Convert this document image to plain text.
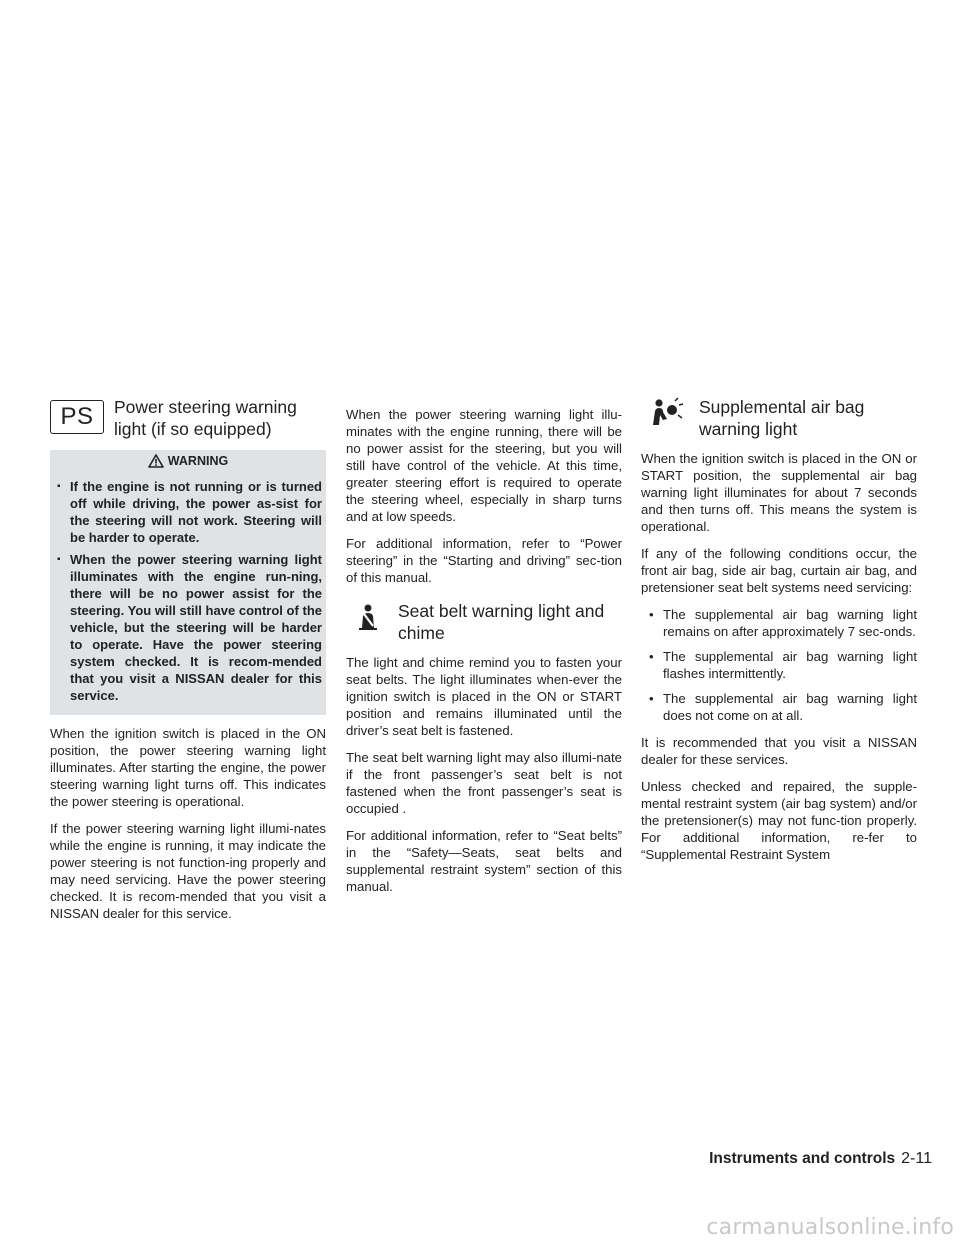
PS	Power steering warning light (if so equipped)
WARNING
▪ If the engine is not running or is turned off while driving, the power as-sist for the steering will not work. Steering will be harder to operate.
▪ When the power steering warning light illuminates with the engine run-ning, there will be no power assist for the steering. You will still have control of the vehicle, but the steering will be harder to operate. Have the power steering system checked. It is recom-mended that you visit a NISSAN dealer for this service.

When the ignition switch is placed in the ON position, the power steering warning light illuminates. After starting the engine, the power steering warning light turns off. This indicates the power steering is operational.

If the power steering warning light illumi-nates while the engine is running, it may indicate the power steering is not function-ing properly and may need servicing. Have the power steering checked. It is recom-mended that you visit a NISSAN dealer for this service.

When the power steering warning light illu-minates with the engine running, there will be no power assist for the steering, but you will still have control of the vehicle. At this time, greater steering effort is required to operate the steering wheel, especially in sharp turns and at low speeds.

For additional information, refer to “Power steering” in the “Starting and driving” sec-tion of this manual.

Seat belt warning light and chime

The light and chime remind you to fasten your seat belts. The light illuminates when-ever the ignition switch is placed in the ON or START position and remains illuminated until the driver’s seat belt is fastened.

The seat belt warning light may also illumi-nate if the front passenger’s seat belt is not fastened when the front passenger’s seat is occupied .

For additional information, refer to “Seat belts” in the “Safety—Seats, seat belts and supplemental restraint system” section of this manual.

Supplemental air bag warning light

When the ignition switch is placed in the ON or START position, the supplemental air bag warning light illuminates for about 7 seconds and then turns off. This means the system is operational.

If any of the following conditions occur, the front air bag, side air bag, curtain air bag, and pretensioner seat belt systems need servicing:

• The supplemental air bag warning light remains on after approximately 7 sec-onds.
• The supplemental air bag warning light flashes intermittently.
• The supplemental air bag warning light does not come on at all.

It is recommended that you visit a NISSAN dealer for these services.

Unless checked and repaired, the supple-mental restraint system (air bag system) and/or the pretensioner(s) may not func-tion properly. For additional information, re-fer to “Supplemental Restraint System

Instruments and controls 2-11
carmanualsonline.info
